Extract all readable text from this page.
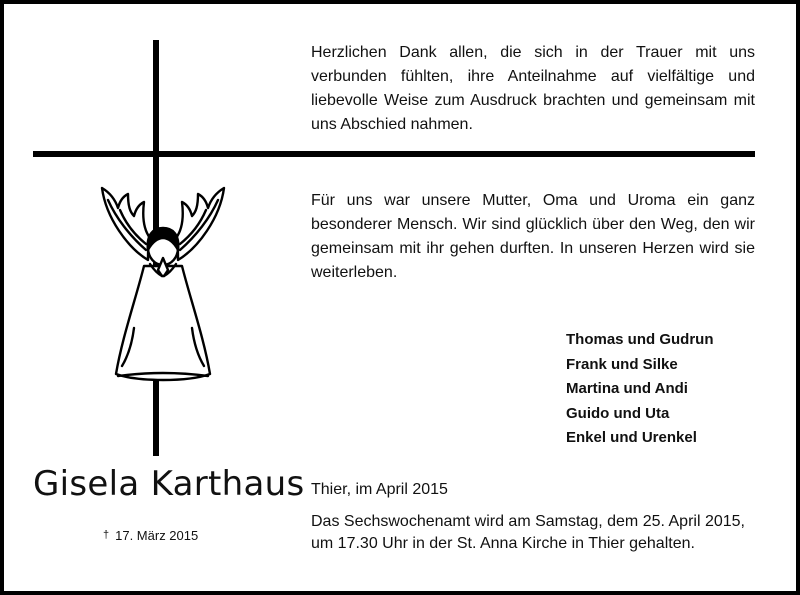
Herzlichen Dank allen, die sich in der Trauer mit uns verbunden fühlten, ihre Anteilnahme auf vielfältige und liebevolle Weise zum Ausdruck brachten und gemeinsam mit uns Abschied nahmen.

Für uns war unsere Mutter, Oma und Uroma ein ganz besonderer Mensch. Wir sind glücklich über den Weg, den wir gemeinsam mit ihr gehen durften. In unseren Herzen wird sie weiterleben.

Thomas und Gudrun
Frank und Silke
Martina und Andi
Guido und Uta
Enkel und Urenkel
Gisela Karthaus
† 17. März 2015
Thier, im April 2015
Das Sechswochenamt wird am Samstag, dem 25. April 2015,
um 17.30 Uhr in der St. Anna Kirche in Thier gehalten.
